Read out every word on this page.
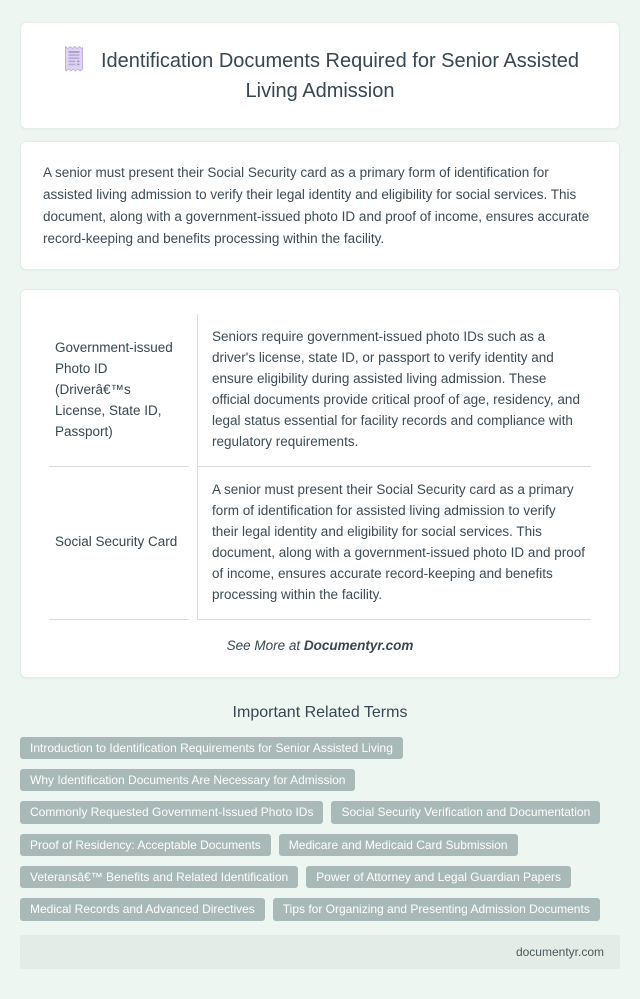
Identification Documents Required for Senior Assisted Living Admission

A senior must present their Social Security card as a primary form of identification for assisted living admission to verify their legal identity and eligibility for social services. This document, along with a government-issued photo ID and proof of income, ensures accurate record-keeping and benefits processing within the facility.

Government-issued Photo ID (Driverâ€™s License, State ID, Passport)	Seniors require government-issued photo IDs such as a driver's license, state ID, or passport to verify identity and ensure eligibility during assisted living admission. These official documents provide critical proof of age, residency, and legal status essential for facility records and compliance with regulatory requirements.
Social Security Card	A senior must present their Social Security card as a primary form of identification for assisted living admission to verify their legal identity and eligibility for social services. This document, along with a government-issued photo ID and proof of income, ensures accurate record-keeping and benefits processing within the facility.

See More at Documentyr.com

Important Related Terms
Introduction to Identification Requirements for Senior Assisted Living
Why Identification Documents Are Necessary for Admission
Commonly Requested Government-Issued Photo IDs	Social Security Verification and Documentation
Proof of Residency: Acceptable Documents	Medicare and Medicaid Card Submission
Veteransâ€™ Benefits and Related Identification	Power of Attorney and Legal Guardian Papers
Medical Records and Advanced Directives	Tips for Organizing and Presenting Admission Documents
documentyr.com
